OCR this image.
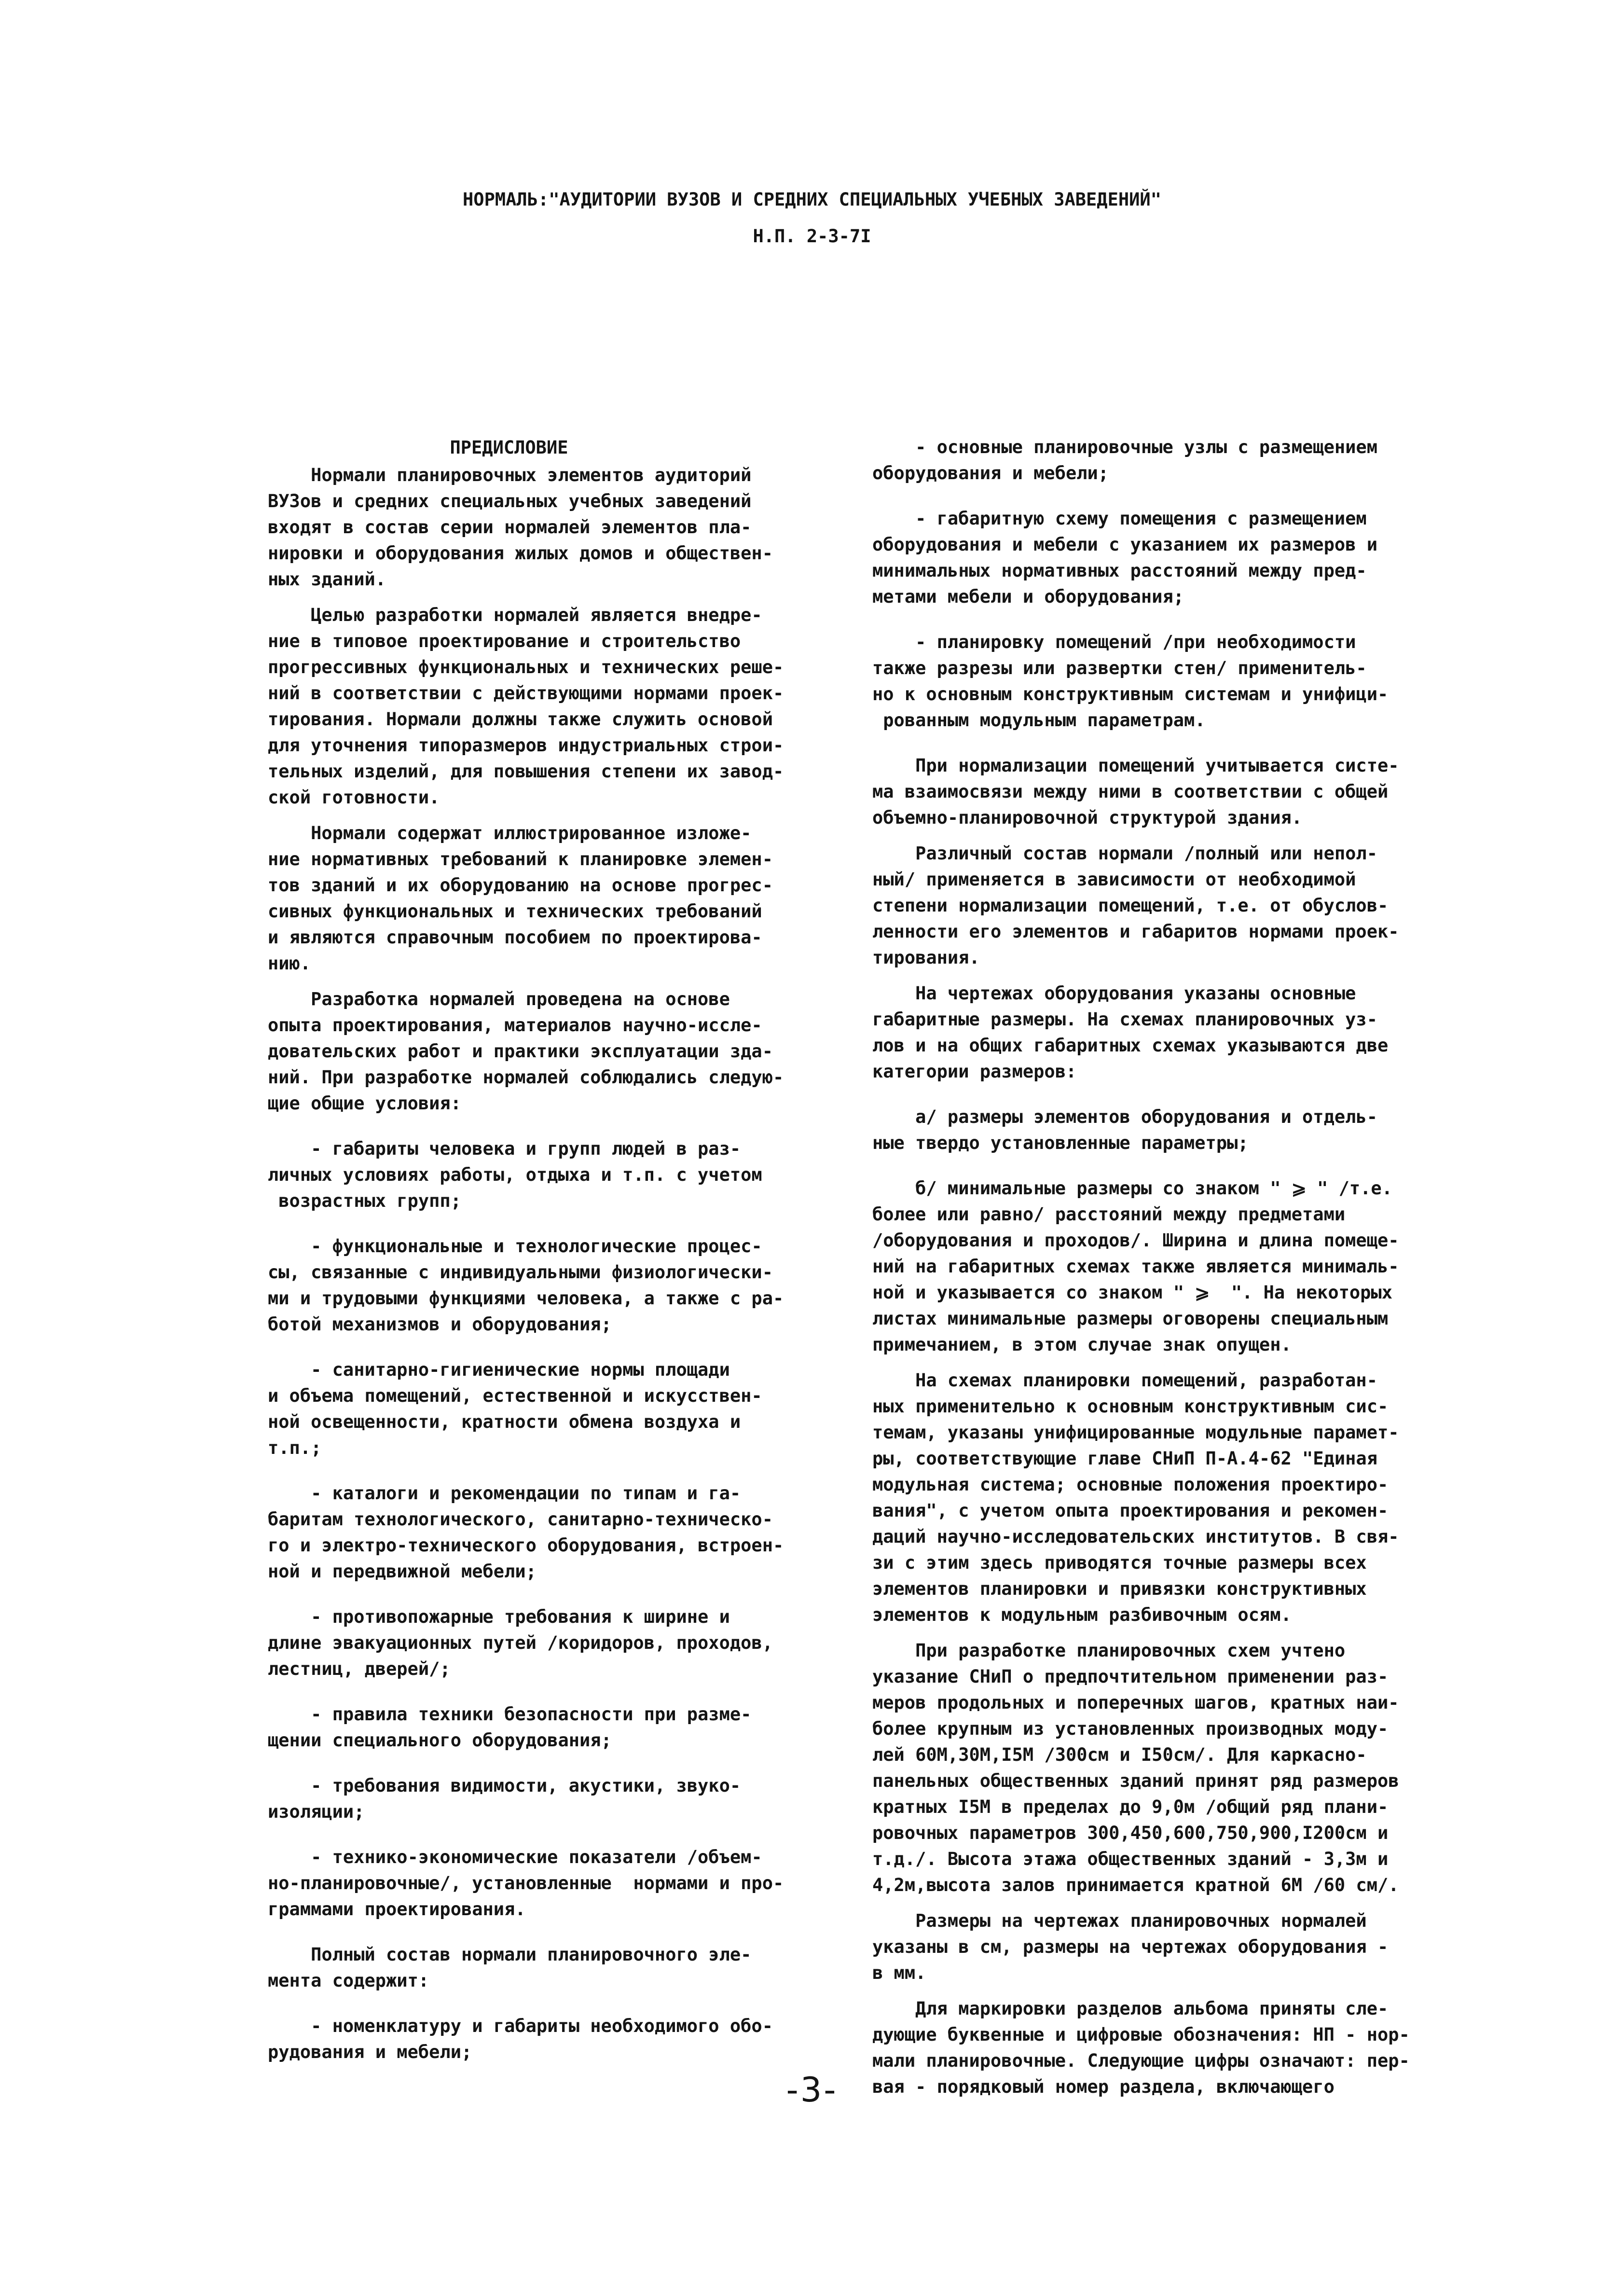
НОРМАЛЬ:"АУДИТОРИИ ВУЗОВ И СРЕДНИХ СПЕЦИАЛЬНЫХ УЧЕБНЫХ ЗАВЕДЕНИЙ"
Н.П. 2-3-7I
ПРЕДИСЛОВИЕ
Нормали планировочных элементов аудиторий
ВУЗов и средних специальных учебных заведений
входят в состав серии нормалей элементов пла-
нировки и оборудования жилых домов и обществен-
ных зданий.
Целью разработки нормалей является внедре-
ние в типовое проектирование и строительство
прогрессивных функциональных и технических реше-
ний в соответствии с действующими нормами проек-
тирования. Нормали должны также служить основой
для уточнения типоразмеров индустриальных строи-
тельных изделий, для повышения степени их завод-
ской готовности.
Нормали содержат иллюстрированное изложе-
ние нормативных требований к планировке элемен-
тов зданий и их оборудованию на основе прогрес-
сивных функциональных и технических требований
и являются справочным пособием по проектирова-
нию.
Разработка нормалей проведена на основе
опыта проектирования, материалов научно-иссле-
довательских работ и практики эксплуатации зда-
ний. При разработке нормалей соблюдались следую-
щие общие условия:
- габариты человека и групп людей в раз-
личных условиях работы, отдыха и т.п. с учетом
возрастных групп;
- функциональные и технологические процес-
сы, связанные с индивидуальными физиологически-
ми и трудовыми функциями человека, а также с ра-
ботой механизмов и оборудования;
- санитарно-гигиенические нормы площади
и объема помещений, естественной и искусствен-
ной освещенности, кратности обмена воздуха и
т.п.;
- каталоги и рекомендации по типам и га-
баритам технологического, санитарно-техническо-
го и электро-технического оборудования, встроен-
ной и передвижной мебели;
- противопожарные требования к ширине и
длине эвакуационных путей /коридоров, проходов,
лестниц, дверей/;
- правила техники безопасности при разме-
щении специального оборудования;
- требования видимости, акустики, звуко-
изоляции;
- технико-экономические показатели /объем-
но-планировочные/, установленные  нормами и про-
граммами проектирования.
Полный состав нормали планировочного эле-
мента содержит:
- номенклатуру и габариты необходимого обо-
рудования и мебели;
- основные планировочные узлы с размещением
оборудования и мебели;
- габаритную схему помещения с размещением
оборудования и мебели с указанием их размеров и
минимальных нормативных расстояний между пред-
метами мебели и оборудования;
- планировку помещений /при необходимости
также разрезы или развертки стен/ применитель-
но к основным конструктивным системам и унифици-
рованным модульным параметрам.
При нормализации помещений учитывается систе-
ма взаимосвязи между ними в соответствии с общей
объемно-планировочной структурой здания.
Различный состав нормали /полный или непол-
ный/ применяется в зависимости от необходимой
степени нормализации помещений, т.е. от обуслов-
ленности его элементов и габаритов нормами проек-
тирования.
На чертежах оборудования указаны основные
габаритные размеры. На схемах планировочных уз-
лов и на общих габаритных схемах указываются две
категории размеров:
а/ размеры элементов оборудования и отдель-
ные твердо установленные параметры;
б/ минимальные размеры со знаком " ⩾ " /т.е.
более или равно/ расстояний между предметами
/оборудования и проходов/. Ширина и длина помеще-
ний на габаритных схемах также является минималь-
ной и указывается со знаком " ⩾  ". На некоторых
листах минимальные размеры оговорены специальным
примечанием, в этом случае знак опущен.
На схемах планировки помещений, разработан-
ных применительно к основным конструктивным сис-
темам, указаны унифицированные модульные парамет-
ры, соответствующие главе СНиП П-А.4-62 "Единая
модульная система; основные положения проектиро-
вания", с учетом опыта проектирования и рекомен-
даций научно-исследовательских институтов. В свя-
зи с этим здесь приводятся точные размеры всех
элементов планировки и привязки конструктивных
элементов к модульным разбивочным осям.
При разработке планировочных схем учтено
указание СНиП о предпочтительном применении раз-
меров продольных и поперечных шагов, кратных наи-
более крупным из установленных производных моду-
лей 60М,30М,I5М /300см и I50см/. Для каркасно-
панельных общественных зданий принят ряд размеров
кратных I5М в пределах до 9,0м /общий ряд плани-
ровочных параметров 300,450,600,750,900,I200см и
т.д./. Высота этажа общественных зданий - 3,3м и
4,2м,высота залов принимается кратной 6М /60 см/.
Размеры на чертежах планировочных нормалей
указаны в см, размеры на чертежах оборудования -
в мм.
Для маркировки разделов альбома приняты сле-
дующие буквенные и цифровые обозначения: НП - нор-
мали планировочные. Следующие цифры означают: пер-
вая - порядковый номер раздела, включающего
-3-
